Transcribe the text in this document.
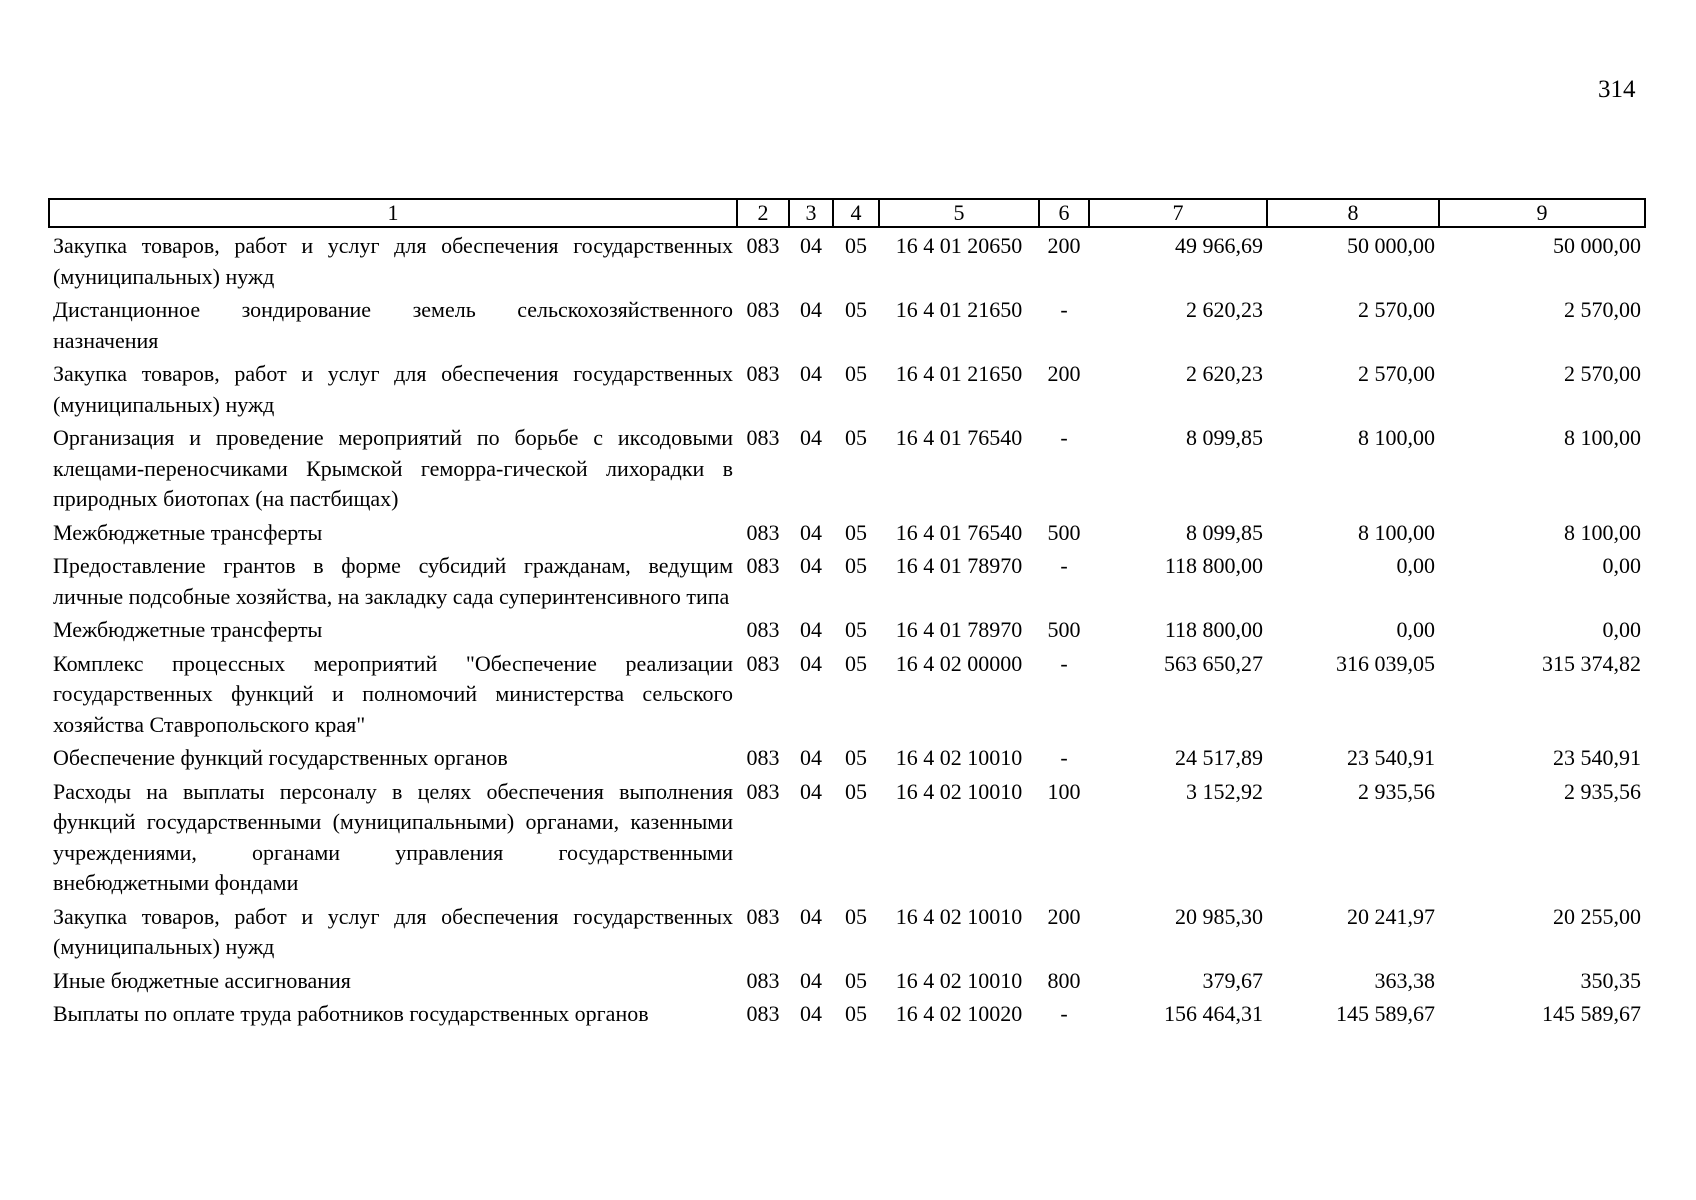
314
1	2	3	4	5	6	7	8	9
Закупка товаров, работ и услуг для обеспечения государственных (муниципальных) нужд	083	04	05	16 4 01 20650	200	49 966,69	50 000,00	50 000,00
Дистанционное зондирование земель сельскохозяйственного назначения	083	04	05	16 4 01 21650	-	2 620,23	2 570,00	2 570,00
Закупка товаров, работ и услуг для обеспечения государственных (муниципальных) нужд	083	04	05	16 4 01 21650	200	2 620,23	2 570,00	2 570,00
Организация и проведение мероприятий по борьбе с иксодовыми клещами-переносчиками Крымской геморра-гической лихорадки в природных биотопах (на пастбищах)	083	04	05	16 4 01 76540	-	8 099,85	8 100,00	8 100,00
Межбюджетные трансферты	083	04	05	16 4 01 76540	500	8 099,85	8 100,00	8 100,00
Предоставление грантов в форме субсидий гражданам, ведущим личные подсобные хозяйства, на закладку сада суперинтенсивного типа	083	04	05	16 4 01 78970	-	118 800,00	0,00	0,00
Межбюджетные трансферты	083	04	05	16 4 01 78970	500	118 800,00	0,00	0,00
Комплекс процессных мероприятий "Обеспечение реализации государственных функций и полномочий министерства сельского хозяйства Ставропольского края"	083	04	05	16 4 02 00000	-	563 650,27	316 039,05	315 374,82
Обеспечение функций государственных органов	083	04	05	16 4 02 10010	-	24 517,89	23 540,91	23 540,91
Расходы на выплаты персоналу в целях обеспечения выполнения функций государственными (муниципальными) органами, казенными учреждениями, органами управления государственными внебюджетными фондами	083	04	05	16 4 02 10010	100	3 152,92	2 935,56	2 935,56
Закупка товаров, работ и услуг для обеспечения государственных (муниципальных) нужд	083	04	05	16 4 02 10010	200	20 985,30	20 241,97	20 255,00
Иные бюджетные ассигнования	083	04	05	16 4 02 10010	800	379,67	363,38	350,35
Выплаты по оплате труда работников государственных органов	083	04	05	16 4 02 10020	-	156 464,31	145 589,67	145 589,67
